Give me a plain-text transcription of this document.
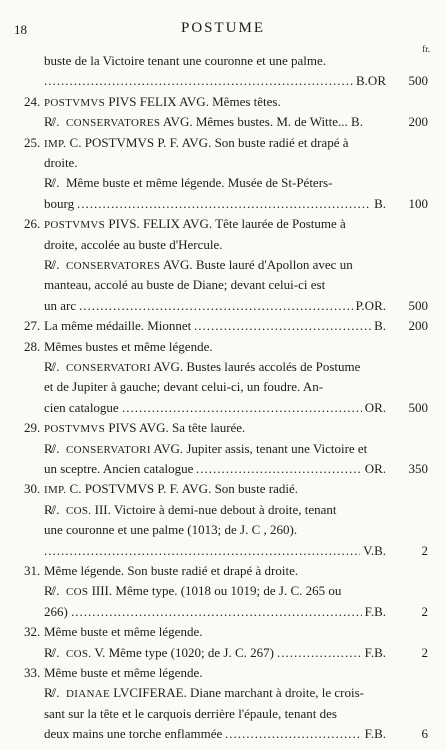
18	POSTUME
fr.
buste de la Victoire tenant une couronne et une palme.
B.OR .....	500
24. POSTVMVS PIVS FELIX AVG. Mêmes têtes.
R̸/. CONSERVATORES AVG. Mêmes bustes. M. de Witte... B.	200
25. IMP. C. POSTVMVS P. F. AVG. Son buste radié et drapé à
droite.
R̸/. Même buste et même légende. Musée de St-Péters-
bourg	B. .....	100
26. POSTVMVS PIVS. FELIX AVG. Tête laurée de Postume à
droite, accolée au buste d'Hercule.
R̸/. CONSERVATORES AVG. Buste lauré d'Apollon avec un
manteau, accolé au buste de Diane; devant celui-ci est
un arc	P.OR. .....	500
27. La même médaille. Mionnet	B. .....	200
28. Mêmes bustes et même légende.
R̸/. CONSERVATORI AVG. Bustes laurés accolés de Postume
et de Jupiter à gauche; devant celui-ci, un foudre. An-
cien catalogue	OR. .....	500
29. POSTVMVS PIVS AVG. Sa tête laurée.
R̸/. CONSERVATORI AVG. Jupiter assis, tenant une Victoire et
un sceptre. Ancien catalogue	OR. .....	350
30. IMP. C. POSTVMVS P. F. AVG. Son buste radié.
R̸/. COS. III. Victoire à demi-nue debout à droite, tenant
une couronne et une palme (1013; de J. C , 260).
V.B. .....	2
31. Même légende. Son buste radié et drapé à droite.
R̸/. COS IIII. Même type. (1018 ou 1019; de J. C. 265 ou
266)	F.B. .....	2
32. Même buste et même légende.
R̸/. COS. V. Même type (1020; de J. C. 267)	F.B. .....	2
33. Même buste et même légende.
R̸/. DIANAE LVCIFERAE. Diane marchant à droite, le crois-
sant sur la tête et le carquois derrière l'épaule, tenant des
deux mains une torche enflammée	F.B. .....	6
